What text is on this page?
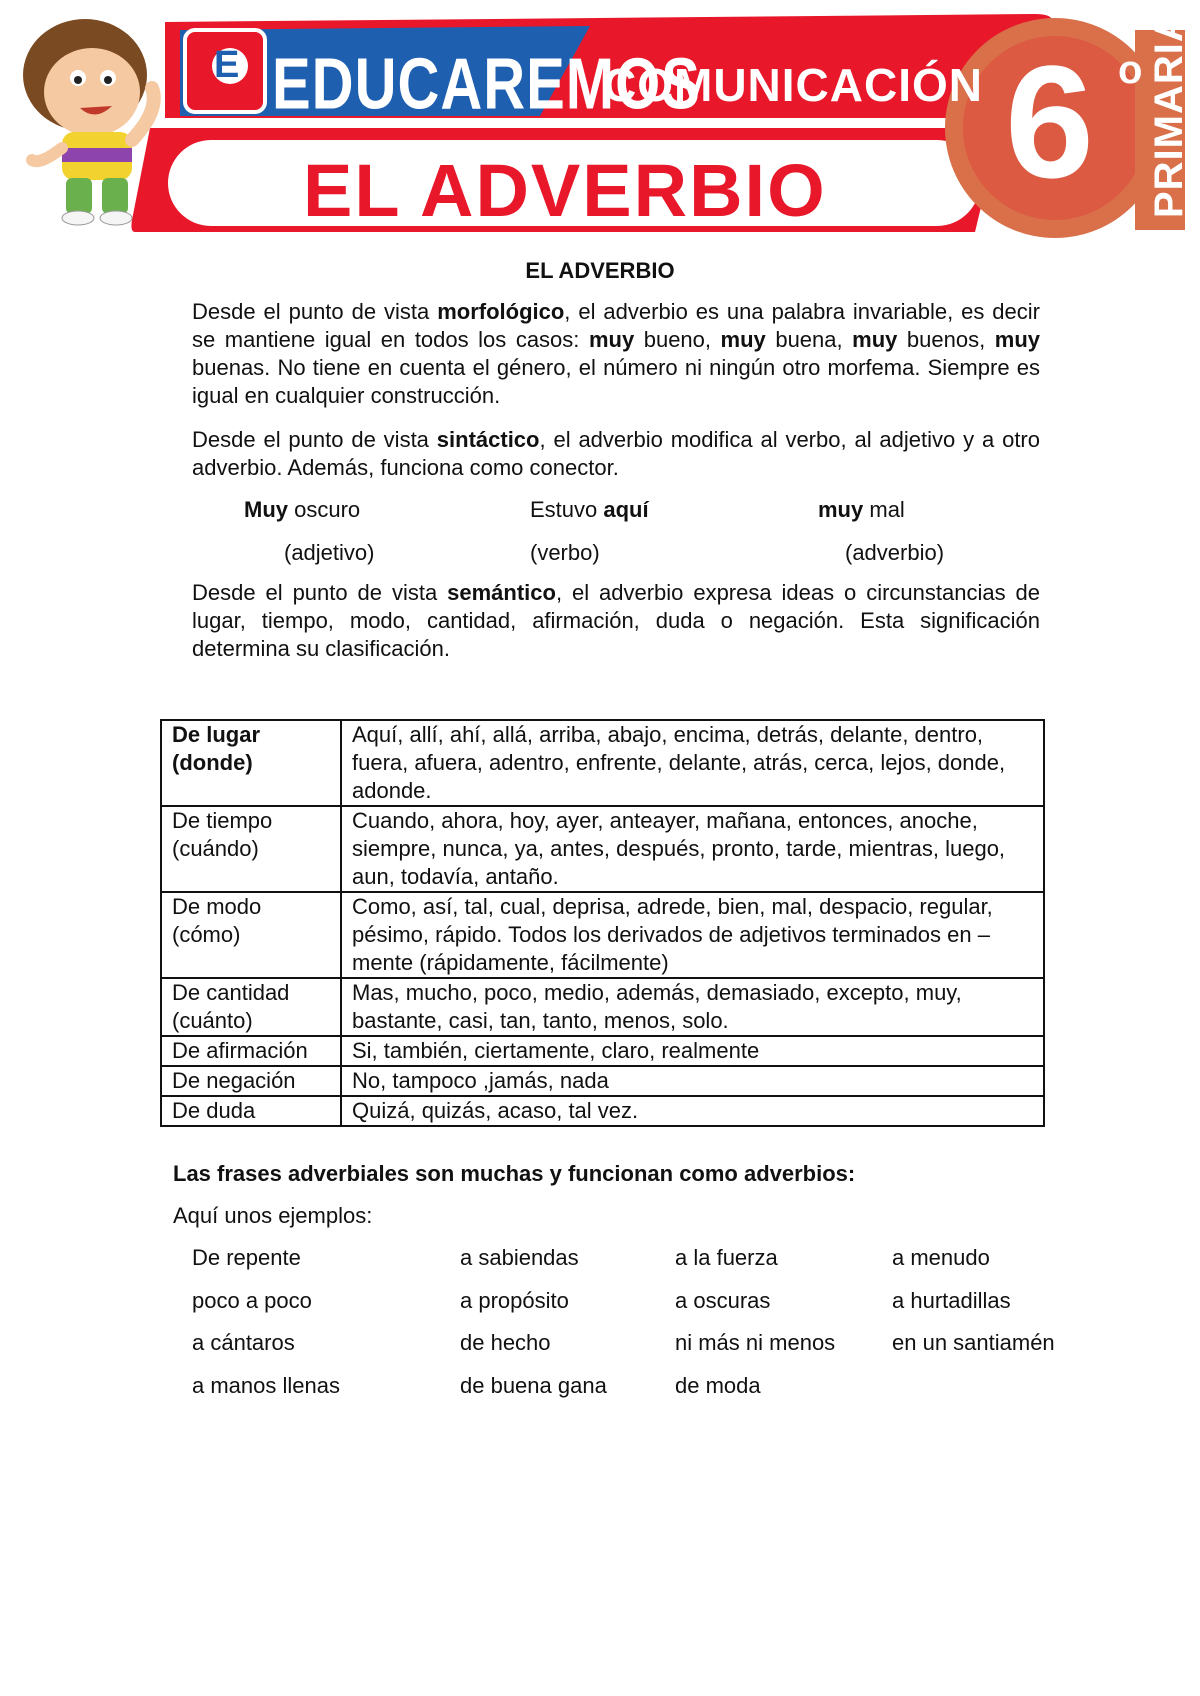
E EDUCAREMOS
COMUNICACIÓN
EL ADVERBIO 6 o PRIMARIA
EL ADVERBIO
Desde el punto de vista morfológico, el adverbio es una palabra invariable, es decir se mantiene igual en todos los casos: muy bueno, muy buena, muy buenos, muy buenas. No tiene en cuenta el género, el número ni ningún otro morfema. Siempre es igual en cualquier construcción.
Desde el punto de vista sintáctico, el adverbio modifica al verbo, al adjetivo y a otro adverbio. Además, funciona como conector.
Muy oscuro	Estuvo aquí	muy mal
(adjetivo)	(verbo)	(adverbio)
Desde el punto de vista semántico, el adverbio expresa ideas o circunstancias de lugar, tiempo, modo, cantidad, afirmación, duda o negación. Esta significación determina su clasificación.
De lugar (donde)	Aquí, allí, ahí, allá, arriba, abajo, encima, detrás, delante, dentro, fuera, afuera, adentro, enfrente, delante, atrás, cerca, lejos, donde, adonde.
De tiempo (cuándo)	Cuando, ahora, hoy, ayer, anteayer, mañana, entonces, anoche, siempre, nunca, ya, antes, después, pronto, tarde, mientras, luego, aun, todavía, antaño.
De modo (cómo)	Como, así, tal, cual, deprisa, adrede, bien, mal, despacio, regular, pésimo, rápido. Todos los derivados de adjetivos terminados en – mente (rápidamente, fácilmente)
De cantidad (cuánto)	Mas, mucho, poco, medio, además, demasiado, excepto, muy, bastante, casi, tan, tanto, menos, solo.
De afirmación	Si, también, ciertamente, claro, realmente
De negación	No, tampoco ,jamás, nada
De duda	Quizá, quizás, acaso, tal vez.
Las frases adverbiales son muchas y funcionan como adverbios:
Aquí unos ejemplos:
De repente	a sabiendas	a la fuerza	a menudo
poco a poco	a propósito	a oscuras	a hurtadillas
a cántaros	de hecho	ni más ni menos	en un santiamén
a manos llenas	de buena gana	de moda
